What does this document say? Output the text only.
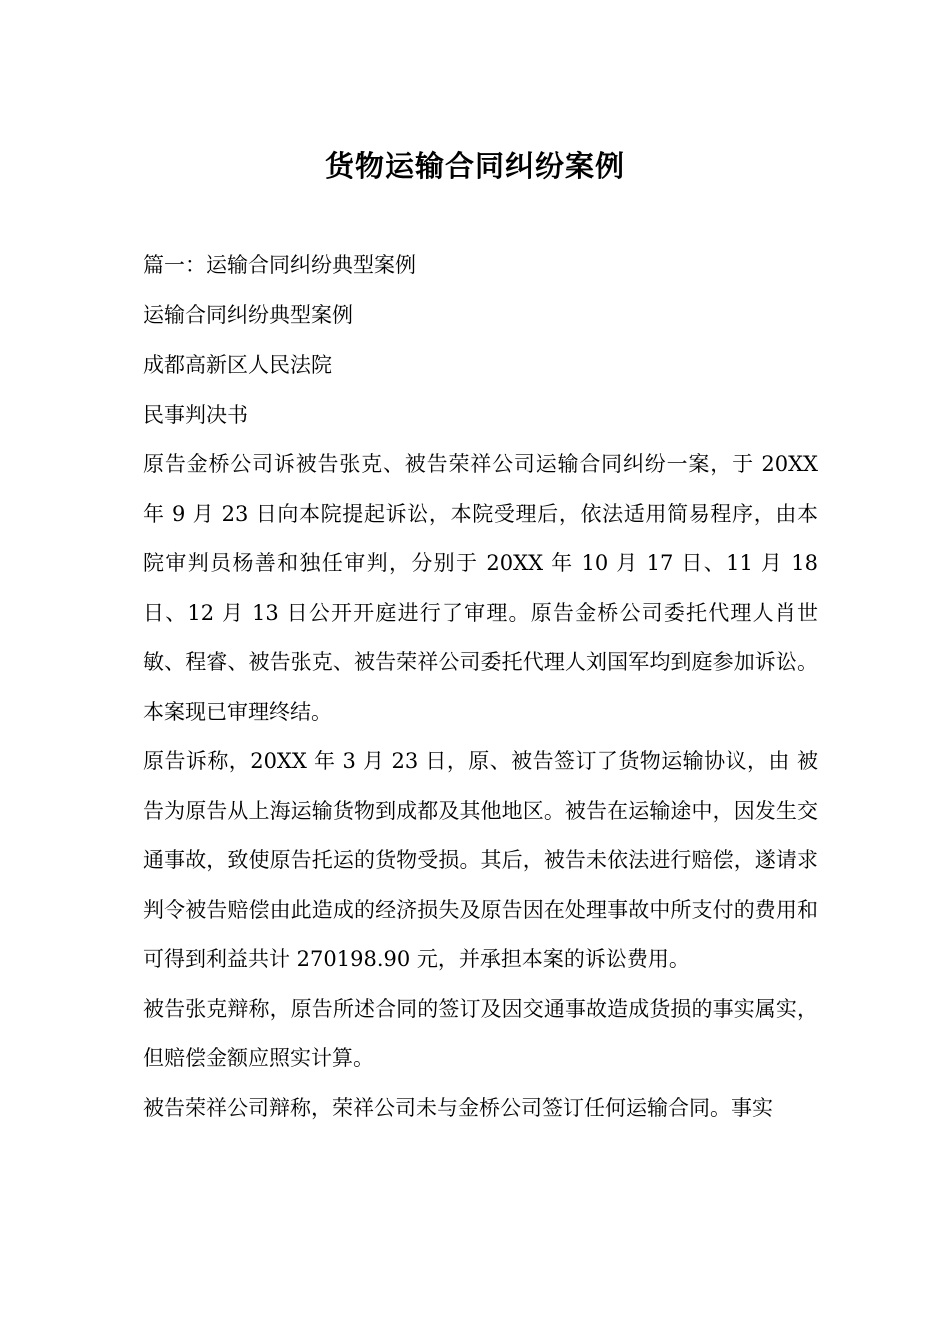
货物运输合同纠纷案例

篇一：运输合同纠纷典型案例

运输合同纠纷典型案例

成都高新区人民法院

民事判决书

原告金桥公司诉被告张克、被告荣祥公司运输合同纠纷一案，于 20XX 年 9 月 23 日向本院提起诉讼，本院受理后，依法适用简易程序，由本院审判员杨善和独任审判，分别于 20XX 年 10 月 17 日、11 月 18 日、12 月 13 日公开开庭进行了审理。原告金桥公司委托代理人肖世敏、程睿、被告张克、被告荣祥公司委托代理人刘国军均到庭参加诉讼。本案现已审理终结。

原告诉称，20XX 年 3 月 23 日，原、被告签订了货物运输协议，由 被告为原告从上海运输货物到成都及其他地区。被告在运输途中，因发生交通事故，致使原告托运的货物受损。其后，被告未依法进行赔偿，遂请求判令被告赔偿由此造成的经济损失及原告因在处理事故中所支付的费用和可得到利益共计 270198.90 元，并承担本案的诉讼费用。

被告张克辩称，原告所述合同的签订及因交通事故造成货损的事实属实，但赔偿金额应照实计算。

被告荣祥公司辩称，荣祥公司未与金桥公司签订任何运输合同。事实
